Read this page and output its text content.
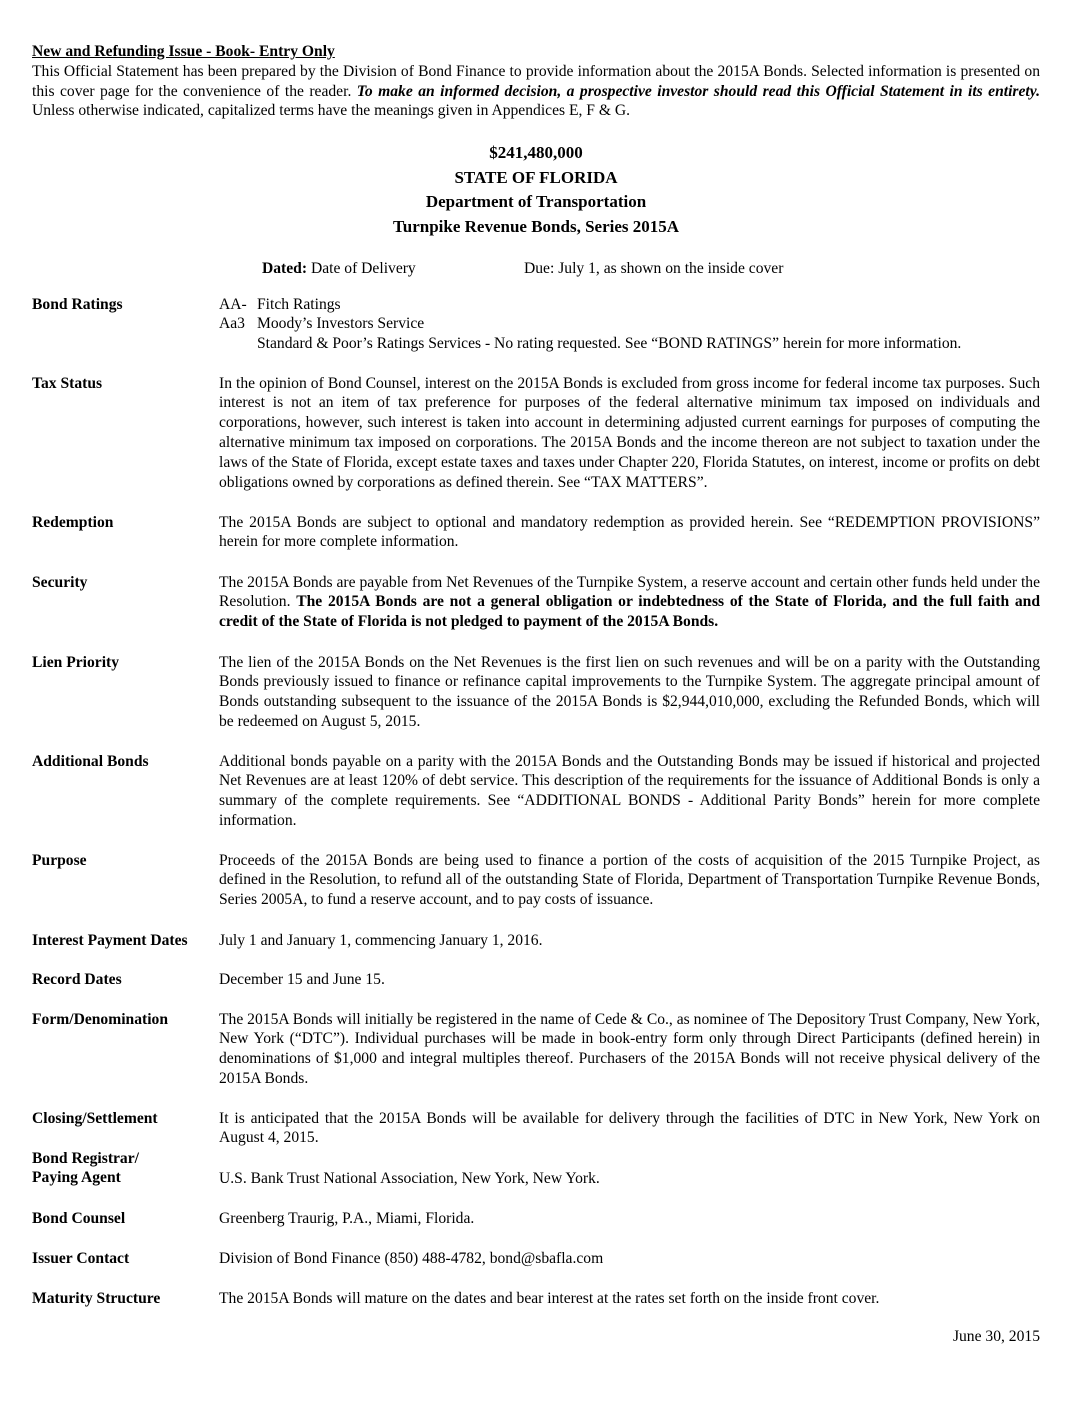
New and Refunding Issue - Book- Entry Only
This Official Statement has been prepared by the Division of Bond Finance to provide information about the 2015A Bonds. Selected information is presented on this cover page for the convenience of the reader. To make an informed decision, a prospective investor should read this Official Statement in its entirety. Unless otherwise indicated, capitalized terms have the meanings given in Appendices E, F & G.
$241,480,000
STATE OF FLORIDA
Department of Transportation
Turnpike Revenue Bonds, Series 2015A
Dated: Date of Delivery	Due: July 1, as shown on the inside cover
Bond Ratings	AA- Fitch Ratings
Aa3 Moody’s Investors Service
Standard & Poor’s Ratings Services - No rating requested. See “BOND RATINGS” herein for more information.
Tax Status	In the opinion of Bond Counsel, interest on the 2015A Bonds is excluded from gross income for federal income tax purposes. Such interest is not an item of tax preference for purposes of the federal alternative minimum tax imposed on individuals and corporations, however, such interest is taken into account in determining adjusted current earnings for purposes of computing the alternative minimum tax imposed on corporations. The 2015A Bonds and the income thereon are not subject to taxation under the laws of the State of Florida, except estate taxes and taxes under Chapter 220, Florida Statutes, on interest, income or profits on debt obligations owned by corporations as defined therein. See “TAX MATTERS”.
Redemption	The 2015A Bonds are subject to optional and mandatory redemption as provided herein. See “REDEMPTION PROVISIONS” herein for more complete information.
Security	The 2015A Bonds are payable from Net Revenues of the Turnpike System, a reserve account and certain other funds held under the Resolution. The 2015A Bonds are not a general obligation or indebtedness of the State of Florida, and the full faith and credit of the State of Florida is not pledged to payment of the 2015A Bonds.
Lien Priority	The lien of the 2015A Bonds on the Net Revenues is the first lien on such revenues and will be on a parity with the Outstanding Bonds previously issued to finance or refinance capital improvements to the Turnpike System. The aggregate principal amount of Bonds outstanding subsequent to the issuance of the 2015A Bonds is $2,944,010,000, excluding the Refunded Bonds, which will be redeemed on August 5, 2015.
Additional Bonds	Additional bonds payable on a parity with the 2015A Bonds and the Outstanding Bonds may be issued if historical and projected Net Revenues are at least 120% of debt service. This description of the requirements for the issuance of Additional Bonds is only a summary of the complete requirements. See “ADDITIONAL BONDS - Additional Parity Bonds” herein for more complete information.
Purpose	Proceeds of the 2015A Bonds are being used to finance a portion of the costs of acquisition of the 2015 Turnpike Project, as defined in the Resolution, to refund all of the outstanding State of Florida, Department of Transportation Turnpike Revenue Bonds, Series 2005A, to fund a reserve account, and to pay costs of issuance.
Interest Payment Dates	July 1 and January 1, commencing January 1, 2016.
Record Dates	December 15 and June 15.
Form/Denomination	The 2015A Bonds will initially be registered in the name of Cede & Co., as nominee of The Depository Trust Company, New York, New York (“DTC”). Individual purchases will be made in book-entry form only through Direct Participants (defined herein) in denominations of $1,000 and integral multiples thereof. Purchasers of the 2015A Bonds will not receive physical delivery of the 2015A Bonds.
Closing/Settlement	It is anticipated that the 2015A Bonds will be available for delivery through the facilities of DTC in New York, New York on August 4, 2015.
Bond Registrar/
Paying Agent	U.S. Bank Trust National Association, New York, New York.
Bond Counsel	Greenberg Traurig, P.A., Miami, Florida.
Issuer Contact	Division of Bond Finance (850) 488-4782, bond@sbafla.com
Maturity Structure	The 2015A Bonds will mature on the dates and bear interest at the rates set forth on the inside front cover.
June 30, 2015
